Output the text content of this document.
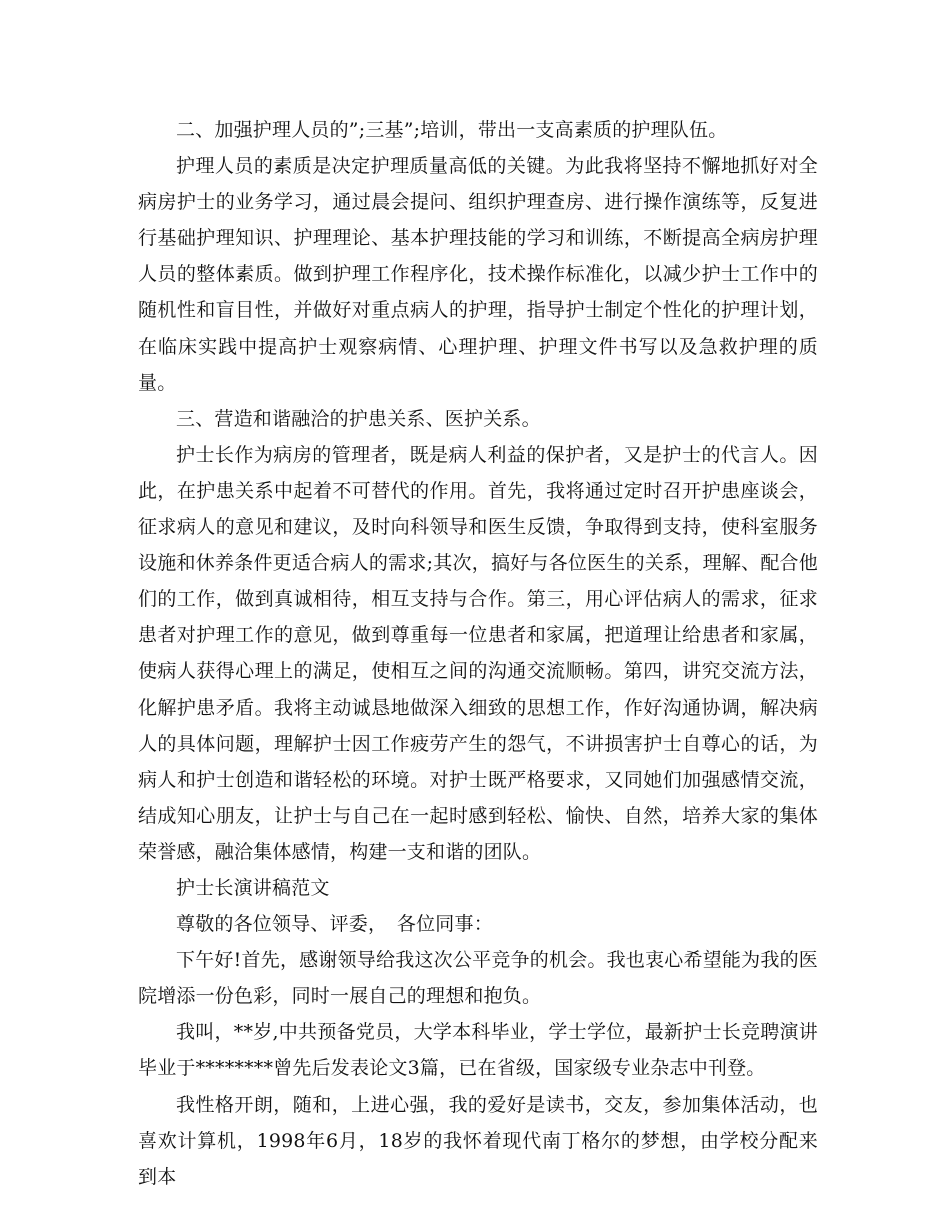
二、加强护理人员的”;三基”;培训，带出一支高素质的护理队伍。

护理人员的素质是决定护理质量高低的关键。为此我将坚持不懈地抓好对全病房护士的业务学习，通过晨会提问、组织护理查房、进行操作演练等，反复进行基础护理知识、护理理论、基本护理技能的学习和训练，不断提高全病房护理人员的整体素质。做到护理工作程序化，技术操作标准化，以减少护士工作中的随机性和盲目性，并做好对重点病人的护理，指导护士制定个性化的护理计划，在临床实践中提高护士观察病情、心理护理、护理文件书写以及急救护理的质量。

三、营造和谐融洽的护患关系、医护关系。

护士长作为病房的管理者，既是病人利益的保护者，又是护士的代言人。因此，在护患关系中起着不可替代的作用。首先，我将通过定时召开护患座谈会，征求病人的意见和建议，及时向科领导和医生反馈，争取得到支持，使科室服务设施和休养条件更适合病人的需求;其次，搞好与各位医生的关系，理解、配合他们的工作，做到真诚相待，相互支持与合作。第三，用心评估病人的需求，征求患者对护理工作的意见，做到尊重每一位患者和家属，把道理让给患者和家属，使病人获得心理上的满足，使相互之间的沟通交流顺畅。第四，讲究交流方法，化解护患矛盾。我将主动诚恳地做深入细致的思想工作，作好沟通协调，解决病人的具体问题，理解护士因工作疲劳产生的怨气，不讲损害护士自尊心的话，为病人和护士创造和谐轻松的环境。对护士既严格要求，又同她们加强感情交流，结成知心朋友，让护士与自己在一起时感到轻松、愉快、自然，培养大家的集体荣誉感，融洽集体感情，构建一支和谐的团队。

护士长演讲稿范文

尊敬的各位领导、评委，　各位同事：

下午好!首先，感谢领导给我这次公平竞争的机会。我也衷心希望能为我的医院增添一份色彩，同时一展自己的理想和抱负。

我叫，**岁,中共预备党员，大学本科毕业，学士学位，最新护士长竞聘演讲毕业于********曾先后发表论文3篇，已在省级，国家级专业杂志中刊登。

我性格开朗，随和，上进心强，我的爱好是读书，交友，参加集体活动，也喜欢计算机，1998年6月，18岁的我怀着现代南丁格尔的梦想，由学校分配来到本
